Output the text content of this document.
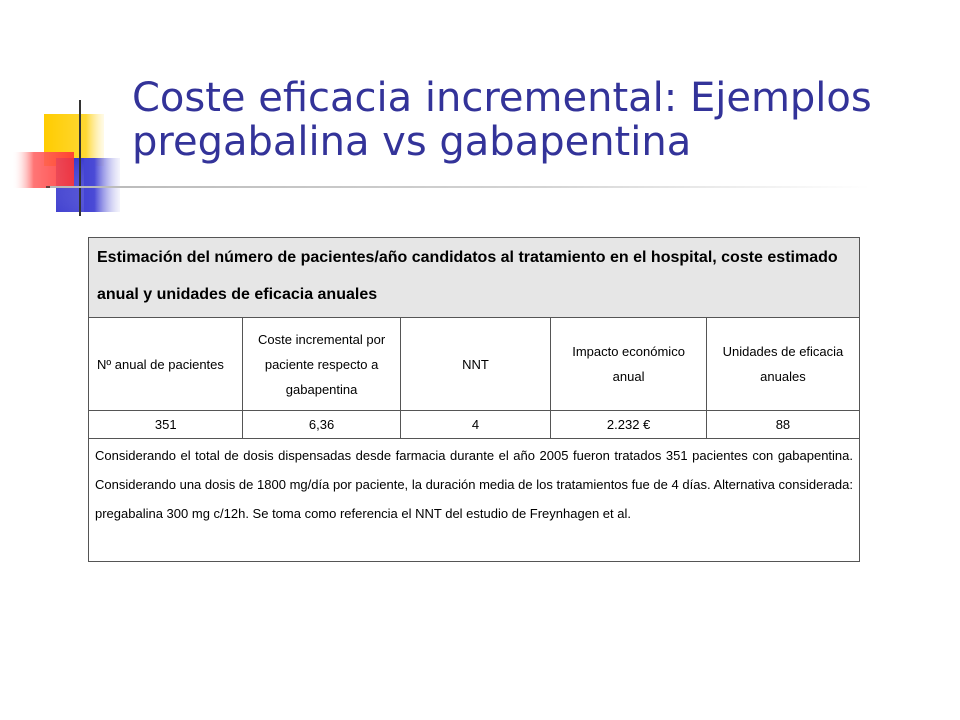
Coste eficacia incremental: Ejemplos
pregabalina vs gabapentina
Estimación del número de pacientes/año candidatos al tratamiento en el hospital, coste estimado anual y unidades de eficacia anuales				
Nº anual de pacientes	Coste incremental por paciente respecto a gabapentina	NNT	Impacto económico anual	Unidades de eficacia anuales
351	6,36	4	2.232 €	88
Considerando el total de dosis dispensadas desde farmacia durante el año 2005 fueron tratados 351 pacientes con gabapentina. Considerando una dosis de 1800 mg/día por paciente, la duración media de los tratamientos fue de 4 días. Alternativa considerada: pregabalina 300 mg c/12h. Se toma como referencia el NNT del estudio de Freynhagen et al.				
